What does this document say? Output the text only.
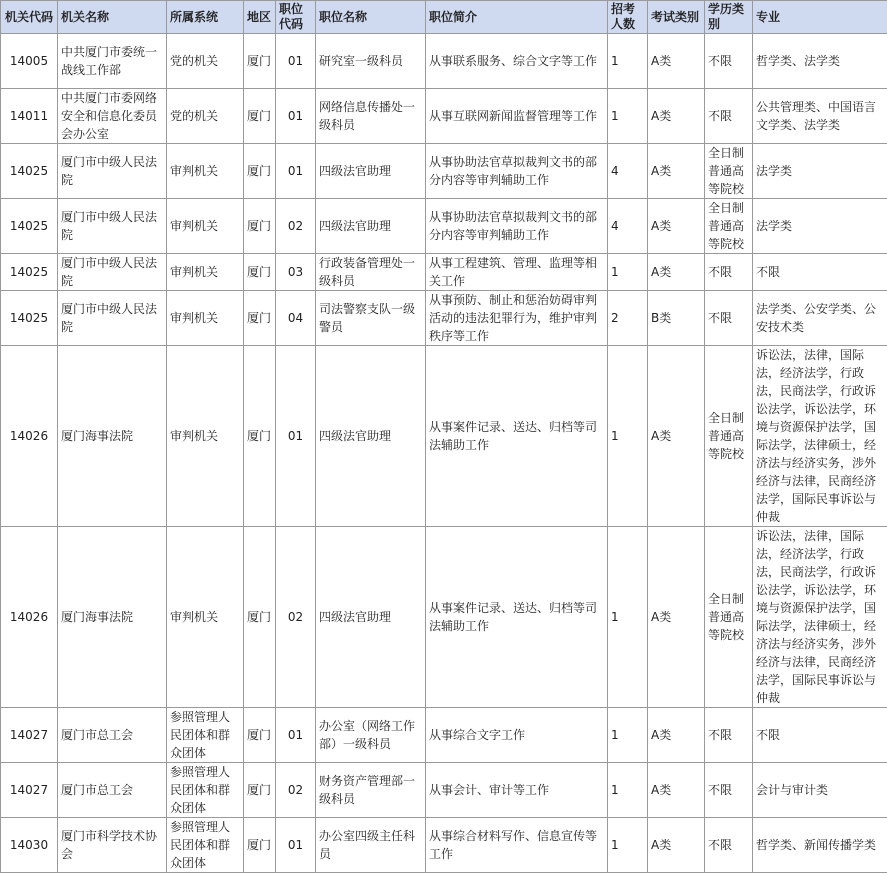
机关代码	机关名称	所属系统	地区	职位代码	职位名称	职位简介	招考人数	考试类别	学历类别	专业
14005	中共厦门市委统一战线工作部	党的机关	厦门	01	研究室一级科员	从事联系服务、综合文字等工作	1	A类	不限	哲学类、法学类
14011	中共厦门市委网络安全和信息化委员会办公室	党的机关	厦门	01	网络信息传播处一级科员	从事互联网新闻监督管理等工作	1	A类	不限	公共管理类、中国语言文学类、法学类
14025	厦门市中级人民法院	审判机关	厦门	01	四级法官助理	从事协助法官草拟裁判文书的部分内容等审判辅助工作	4	A类	全日制普通高等院校	法学类
14025	厦门市中级人民法院	审判机关	厦门	02	四级法官助理	从事协助法官草拟裁判文书的部分内容等审判辅助工作	4	A类	全日制普通高等院校	法学类
14025	厦门市中级人民法院	审判机关	厦门	03	行政装备管理处一级科员	从事工程建筑、管理、监理等相关工作	1	A类	不限	不限
14025	厦门市中级人民法院	审判机关	厦门	04	司法警察支队一级警员	从事预防、制止和惩治妨碍审判活动的违法犯罪行为，维护审判秩序等工作	2	B类	不限	法学类、公安学类、公安技术类
14026	厦门海事法院	审判机关	厦门	01	四级法官助理	从事案件记录、送达、归档等司法辅助工作	1	A类	全日制普通高等院校	诉讼法，法律，国际法，经济法学，行政法，民商法学，行政诉讼法学，诉讼法学，环境与资源保护法学，国际法学，法律硕士，经济法与经济实务，涉外经济与法律，民商经济法学，国际民事诉讼与仲裁
14026	厦门海事法院	审判机关	厦门	02	四级法官助理	从事案件记录、送达、归档等司法辅助工作	1	A类	全日制普通高等院校	诉讼法，法律，国际法，经济法学，行政法，民商法学，行政诉讼法学，诉讼法学，环境与资源保护法学，国际法学，法律硕士，经济法与经济实务，涉外经济与法律，民商经济法学，国际民事诉讼与仲裁
14027	厦门市总工会	参照管理人民团体和群众团体	厦门	01	办公室（网络工作部）一级科员	从事综合文字工作	1	A类	不限	不限
14027	厦门市总工会	参照管理人民团体和群众团体	厦门	02	财务资产管理部一级科员	从事会计、审计等工作	1	A类	不限	会计与审计类
14030	厦门市科学技术协会	参照管理人民团体和群众团体	厦门	01	办公室四级主任科员	从事综合材料写作、信息宣传等工作	1	A类	不限	哲学类、新闻传播学类
